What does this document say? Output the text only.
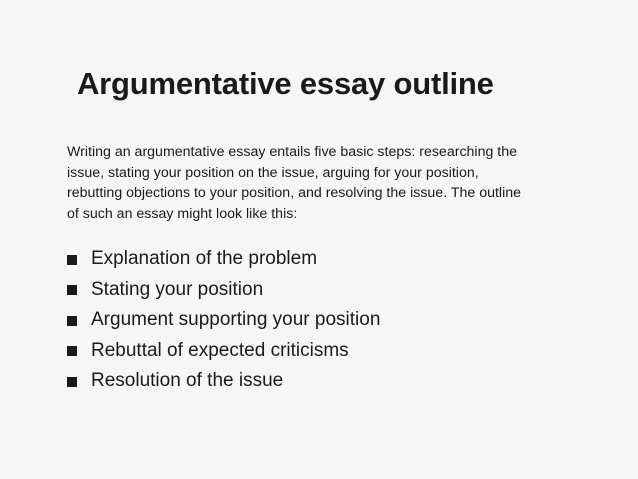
Argumentative essay outline

Writing an argumentative essay entails five basic steps: researching the
issue, stating your position on the issue, arguing for your position,
rebutting objections to your position, and resolving the issue. The outline
of such an essay might look like this:

Explanation of the problem
Stating your position
Argument supporting your position
Rebuttal of expected criticisms
Resolution of the issue
